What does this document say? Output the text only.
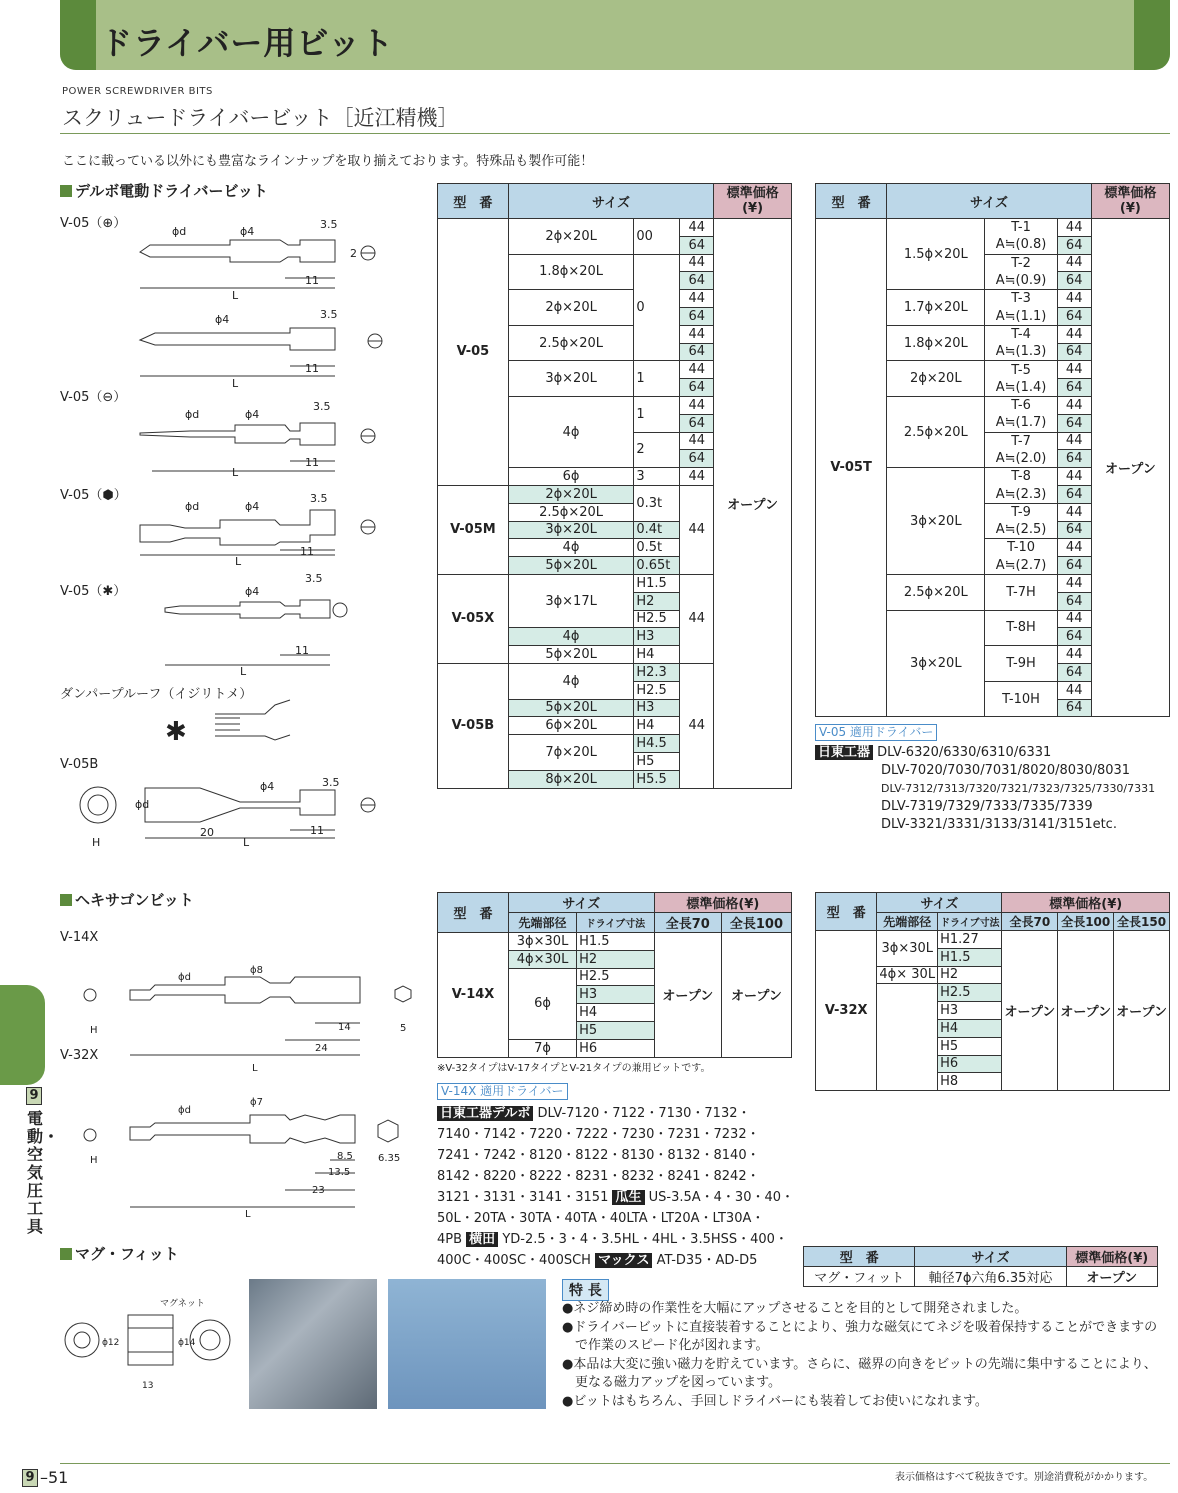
ドライバー用ビット
POWER SCREWDRIVER BITS
スクリュードライバービット［近江精機］
ここに載っている以外にも豊富なラインナップを取り揃えております。特殊品も製作可能！
9
電動・空気圧工具
デルボ電動ドライバービット
V-05（⊕）
V-05（⊖）
V-05（⬢）
V-05（✱）
ダンパープルーフ（イジリトメ）
V-05B
ヘキサゴンビット
V-14X
V-32X
マグ・フィット
✱
ϕd	ϕ4
3.5
11
L
2
ϕ4	3.5
11
L
ϕd	ϕ4
3.5
11
L
ϕd	ϕ4
3.5
11
L
ϕ4
3.5
11
L
ϕd
ϕ4	3.5
20	11
L
H
ϕd
ϕ8
H	5
14
24
L
ϕd
ϕ7
H	6.35
8.5
13.5
23
L
マグネット
ϕ12	ϕ14
13
型　番	サイズ			標準価格
(¥)
V-05	2ϕ×20L	00	44	オープン
			64	
	1.8ϕ×20L	0	44	
			64	
	2ϕ×20L		44	
			64	
	2.5ϕ×20L		44	
			64	
	3ϕ×20L	1	44	
			64	
	4ϕ	1	44	
			64	
		2	44	
			64	
	6ϕ	3	44	
V-05M	2ϕ×20L	0.3t	44	
	2.5ϕ×20L			
	3ϕ×20L	0.4t		
	4ϕ	0.5t		
	5ϕ×20L	0.65t		
V-05X	3ϕ×17L	H1.5	44	
		H2		
		H2.5		
	4ϕ	H3		
	5ϕ×20L	H4		
V-05B	4ϕ	H2.3	44	
		H2.5		
	5ϕ×20L	H3		
	6ϕ×20L	H4		
	7ϕ×20L	H4.5		
		H5		
	8ϕ×20L	H5.5		
型　番	サイズ			標準価格
(¥)
V-05T	1.5ϕ×20L	T-1	44	オープン
		A≒(0.8)	64	
		T-2	44	
		A≒(0.9)	64	
	1.7ϕ×20L	T-3	44	
		A≒(1.1)	64	
	1.8ϕ×20L	T-4	44	
		A≒(1.3)	64	
	2ϕ×20L	T-5	44	
		A≒(1.4)	64	
	2.5ϕ×20L	T-6	44	
		A≒(1.7)	64	
		T-7	44	
		A≒(2.0)	64	
	3ϕ×20L	T-8	44	
		A≒(2.3)	64	
		T-9	44	
		A≒(2.5)	64	
		T-10	44	
		A≒(2.7)	64	
	2.5ϕ×20L	T-7H	44	
			64	
	3ϕ×20L	T-8H	44	
			64	
		T-9H	44	
			64	
		T-10H	44	
			64	
V-05 適用ドライバー
日東工器 DLV-6320/6330/6310/6331
DLV-7020/7030/7031/8020/8030/8031
DLV-7312/7313/7320/7321/7323/7325/7330/7331
DLV-7319/7329/7333/7335/7339
DLV-3321/3331/3133/3141/3151etc.
型　番	サイズ		標準価格(¥)	
	先端部径	ドライブ寸法	全長70	全長100
V-14X	3ϕ×30L	H1.5	オープン	オープン
	4ϕ×30L	H2		
	6ϕ	H2.5		
		H3		
		H4		
		H5		
	7ϕ	H6		
※V-32タイプはV-17タイプとV-21タイプの兼用ビットです。
型　番	サイズ		標準価格(¥)		
	先端部径	ドライブ寸法	全長70	全長100	全長150
V-32X	3ϕ×30L	H1.27	オープン	オープン	オープン
		H1.5			
	4ϕ× 30L	H2			
		H2.5			
		H3			
		H4			
		H5			
		H6			
		H8			
V-14X 適用ドライバー
日東工器デルボ DLV-7120・7122・7130・7132・
7140・7142・7220・7222・7230・7231・7232・
7241・7242・8120・8122・8130・8132・8140・
8142・8220・8222・8231・8232・8241・8242・
3121・3131・3141・3151 瓜生 US-3.5A・4・30・40・
50L・20TA・30TA・40TA・40LTA・LT20A・LT30A・
4PB 横田 YD-2.5・3・4・3.5HL・4HL・3.5HSS・400・
400C・400SC・400SCH マックス AT-D35・AD-D5	型　番	サイズ	標準価格(¥)
マグ・フィット	軸径7ϕ六角6.35対応	オープン
特 長
●ネジ締め時の作業性を大幅にアップさせることを目的として開発されました。
●ドライバービットに直接装着することにより、強力な磁気にてネジを吸着保持することができますの
　で作業のスピード化が図れます。
●本品は大変に強い磁力を貯えています。さらに、磁界の向きをビットの先端に集中することにより、
　更なる磁力アップを図っています。
●ビットはもちろん、手回しドライバーにも装着してお使いになれます。
9 –51	表示価格はすべて税抜きです。別途消費税がかかります。
